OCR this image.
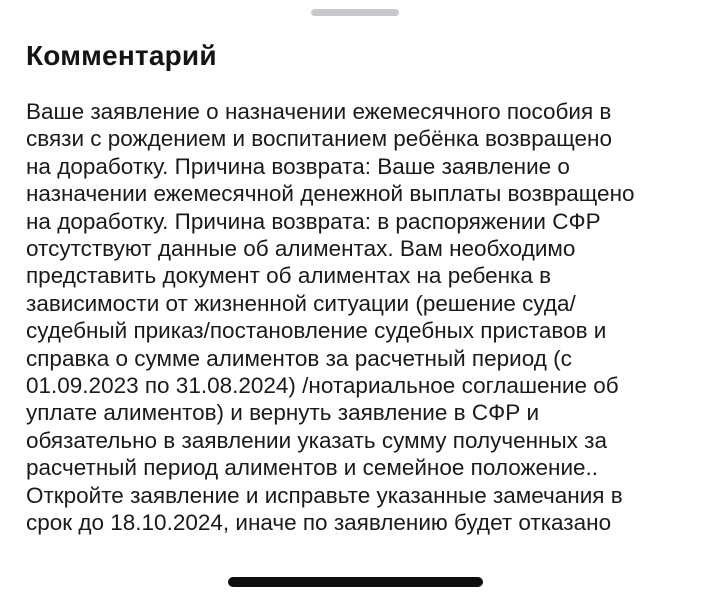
Комментарий

Ваше заявление о назначении ежемесячного пособия в
связи с рождением и воспитанием ребёнка возвращено
на доработку. Причина возврата: Ваше заявление о
назначении ежемесячной денежной выплаты возвращено
на доработку. Причина возврата: в распоряжении СФР
отсутствуют данные об алиментах. Вам необходимо
представить документ об алиментах на ребенка в
зависимости от жизненной ситуации (решение суда/
судебный приказ/постановление судебных приставов и
справка о сумме алиментов за расчетный период (с
01.09.2023 по 31.08.2024) /нотариальное соглашение об
уплате алиментов) и вернуть заявление в СФР и
обязательно в заявлении указать сумму полученных за
расчетный период алиментов и семейное положение..
Откройте заявление и исправьте указанные замечания в
срок до 18.10.2024, иначе по заявлению будет отказано
